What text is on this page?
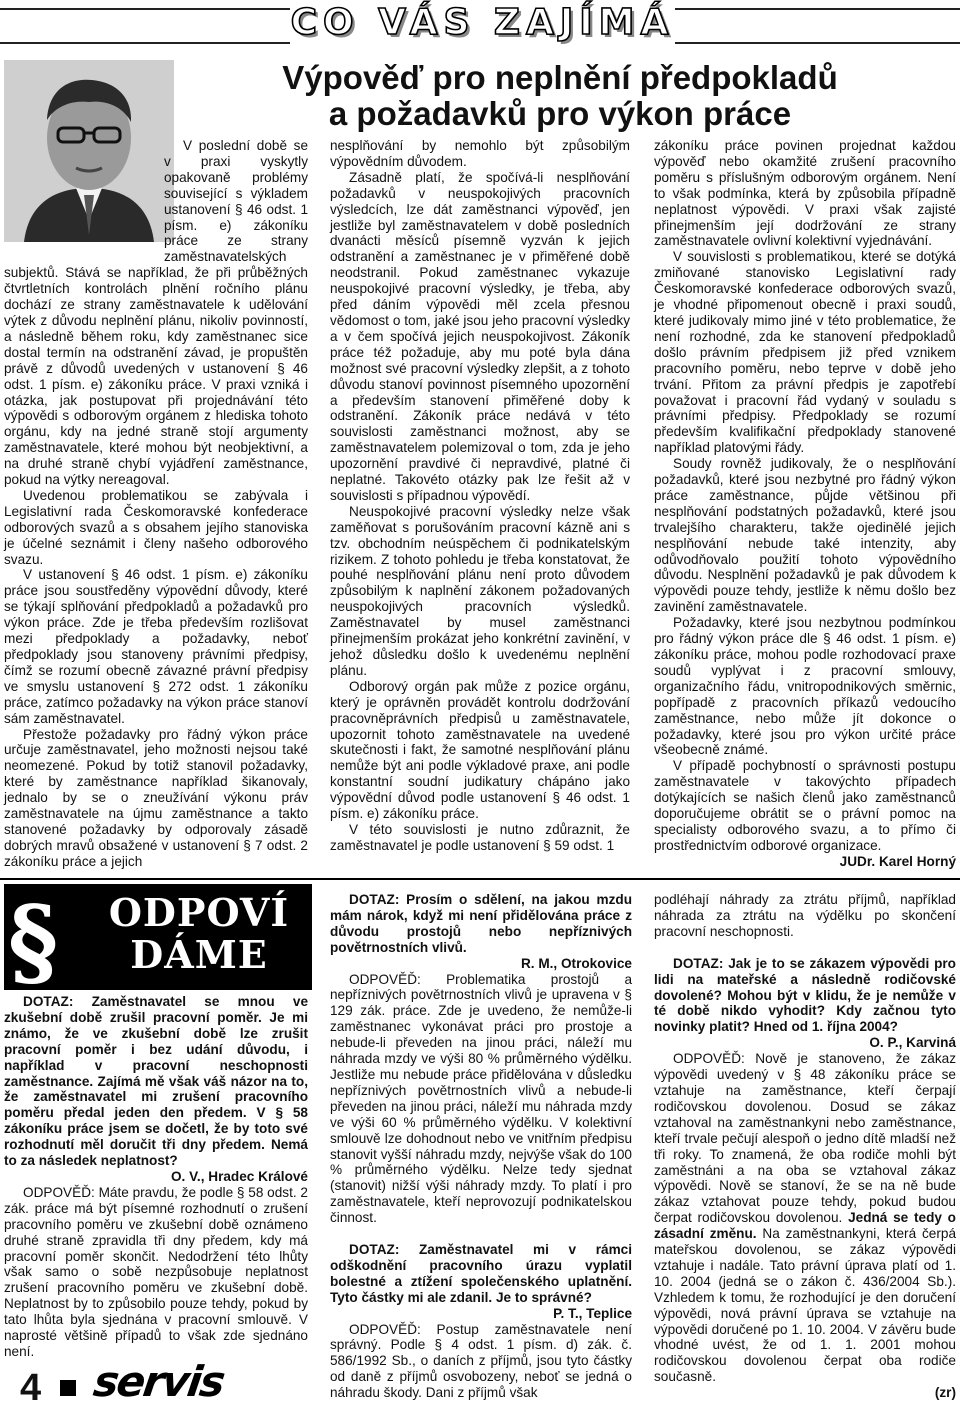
CO VÁS ZAJÍMÁ
Výpověď pro neplnění předpokladů
a požadavků pro výkon práce

V poslední době se v praxi vyskytly opakovaně problémy související s výkladem ustanovení § 46 odst. 1 písm. e) zákoníku práce ze strany zaměstnavatelských subjektů. Stává se například, že při průběžných čtvrtletních kontrolách plnění ročního plánu dochází ze strany zaměstnavatele k udělování výtek z důvodu neplnění plánu, nikoliv povinností, a následně během roku, kdy zaměstnanec sice dostal termín na odstranění závad, je propuštěn právě z důvodů uvedených v ustanovení § 46 odst. 1 písm. e) zákoníku práce. V praxi vzniká i otázka, jak postupovat při projednávání této výpovědi s odborovým orgánem z hlediska tohoto orgánu, kdy na jedné straně stojí argumenty zaměstnavatele, které mohou být neobjektivní, a na druhé straně chybí vyjádření zaměstnance, pokud na výtky nereagoval.

Uvedenou problematikou se zabývala i Legislativní rada Českomoravské konfederace odborových svazů a s obsahem jejího stanoviska je účelné seznámit i členy našeho odborového svazu.

V ustanovení § 46 odst. 1 písm. e) zákoníku práce jsou soustředěny výpovědní důvody, které se týkají splňování předpokladů a požadavků pro výkon práce. Zde je třeba především rozlišovat mezi předpoklady a požadavky, neboť předpoklady jsou stanoveny právními předpisy, čímž se rozumí obecně závazné právní předpisy ve smyslu ustanovení § 272 odst. 1 zákoníku práce, zatímco požadavky na výkon práce stanoví sám zaměstnavatel.

Přestože požadavky pro řádný výkon práce určuje zaměstnavatel, jeho možnosti nejsou také neomezené. Pokud by totiž stanovil požadavky, které by zaměstnance například šikanovaly, jednalo by se o zneužívání výkonu práv zaměstnavatele na újmu zaměstnance a takto stanovené požadavky by odporovaly zásadě dobrých mravů obsažené v ustanovení § 7 odst. 2 zákoníku práce a jejich

nesplňování by nemohlo být způsobilým výpovědním důvodem.

Zásadně platí, že spočívá-li nesplňování požadavků v neuspokojivých pracovních výsledcích, lze dát zaměstnanci výpověď, jen jestliže byl zaměstnavatelem v době posledních dvanácti měsíců písemně vyzván k jejich odstranění a zaměstnanec je v přiměřené době neodstranil. Pokud zaměstnanec vykazuje neuspokojivé pracovní výsledky, je třeba, aby před dáním výpovědi měl zcela přesnou vědomost o tom, jaké jsou jeho pracovní výsledky a v čem spočívá jejich neuspokojivost. Zákoník práce též požaduje, aby mu poté byla dána možnost své pracovní výsledky zlepšit, a z tohoto důvodu stanoví povinnost písemného upozornění a především stanovení přiměřené doby k odstranění. Zákoník práce nedává v této souvislosti zaměstnanci možnost, aby se zaměstnavatelem polemizoval o tom, zda je jeho upozornění pravdivé či nepravdivé, platné či neplatné. Takovéto otázky pak lze řešit až v souvislosti s případnou výpovědí.

Neuspokojivé pracovní výsledky nelze však zaměňovat s porušováním pracovní kázně ani s tzv. obchodním neúspěchem či podnikatelským rizikem. Z tohoto pohledu je třeba konstatovat, že pouhé nesplňování plánu není proto důvodem způsobilým k naplnění zákonem požadovaných neuspokojivých pracovních výsledků. Zaměstnavatel by musel zaměstnanci přinejmenším prokázat jeho konkrétní zavinění, v jehož důsledku došlo k uvedenému neplnění plánu.

Odborový orgán pak může z pozice orgánu, který je oprávněn provádět kontrolu dodržování pracovněprávních předpisů u zaměstnavatele, upozornit tohoto zaměstnavatele na uvedené skutečnosti i fakt, že samotné nesplňování plánu nemůže být ani podle výkladové praxe, ani podle konstantní soudní judikatury chápáno jako výpovědní důvod podle ustanovení § 46 odst. 1 písm. e) zákoníku práce.

V této souvislosti je nutno zdůraznit, že zaměstnavatel je podle ustanovení § 59 odst. 1

zákoníku práce povinen projednat každou výpověď nebo okamžité zrušení pracovního poměru s příslušným odborovým orgánem. Není to však podmínka, která by způsobila případně neplatnost výpovědi. V praxi však zajisté přinejmenším její dodržování ze strany zaměstnavatele ovlivní kolektivní vyjednávání.

V souvislosti s problematikou, které se dotýká zmiňované stanovisko Legislativní rady Českomoravské konfederace odborových svazů, je vhodné připomenout obecně i praxi soudů, které judikovaly mimo jiné v této problematice, že není rozhodné, zda ke stanovení předpokladů došlo právním předpisem již před vznikem pracovního poměru, nebo teprve v době jeho trvání. Přitom za právní předpis je zapotřebí považovat i pracovní řád vydaný v souladu s právními předpisy. Předpoklady se rozumí především kvalifikační předpoklady stanovené například platovými řády.

Soudy rovněž judikovaly, že o nesplňování požadavků, které jsou nezbytné pro řádný výkon práce zaměstnance, půjde většinou při nesplňování podstatných požadavků, které jsou trvalejšího charakteru, takže ojedinělé jejich nesplňování nebude také intenzity, aby odůvodňovalo použití tohoto výpovědního důvodu. Nesplnění požadavků je pak důvodem k výpovědi pouze tehdy, jestliže k němu došlo bez zavinění zaměstnavatele.

Požadavky, které jsou nezbytnou podmínkou pro řádný výkon práce dle § 46 odst. 1 písm. e) zákoníku práce, mohou podle rozhodovací praxe soudů vyplývat i z pracovní smlouvy, organizačního řádu, vnitropodnikových směrnic, popřípadě z pracovních příkazů vedoucího zaměstnance, nebo může jít dokonce o požadavky, které jsou pro výkon určité práce všeobecně známé.

V případě pochybností o správnosti postupu zaměstnavatele v takovýchto případech dotýkajících se našich členů jako zaměstnanců doporučujeme obrátit se o právní pomoc na specialisty odborového svazu, a to přímo či prostřednictvím odborové organizace.

JUDr. Karel Horný

§	ODPOVÍ
DÁME

DOTAZ: Zaměstnavatel se mnou ve zkušební době zrušil pracovní poměr. Je mi známo, že ve zkušební době lze zrušit pracovní poměr i bez udání důvodu, i například v pracovní neschopnosti zaměstnance. Zajímá mě však váš názor na to, že zaměstnavatel mi zrušení pracovního poměru předal jeden den předem. V § 58 zákoníku práce jsem se dočetl, že by toto své rozhodnutí měl doručit tři dny předem. Nemá to za následek neplatnost?

O. V., Hradec Králové

ODPOVĚĎ: Máte pravdu, že podle § 58 odst. 2 zák. práce má být písemné rozhodnutí o zrušení pracovního poměru ve zkušební době oznámeno druhé straně zpravidla tři dny předem, kdy má pracovní poměr skončit. Nedodržení této lhůty však samo o sobě nezpůsobuje neplatnost zrušení pracovního poměru ve zkušební době. Neplatnost by to způsobilo pouze tehdy, pokud by tato lhůta byla sjednána v pracovní smlouvě. V naprosté většině případů to však zde sjednáno není.

DOTAZ: Prosím o sdělení, na jakou mzdu mám nárok, když mi není přidělována práce z důvodu prostojů nebo nepříznivých povětrnostních vlivů.

R. M., Otrokovice

ODPOVĚĎ: Problematika prostojů a nepříznivých povětrnostních vlivů je upravena v § 129 zák. práce. Zde je uvedeno, že nemůže-li zaměstnanec vykonávat práci pro prostoje a nebude-li převeden na jinou práci, náleží mu náhrada mzdy ve výši 80 % průměrného výdělku. Jestliže mu nebude práce přidělována v důsledku nepříznivých povětrnostních vlivů a nebude-li převeden na jinou práci, náleží mu náhrada mzdy ve výši 60 % průměrného výdělku. V kolektivní smlouvě lze dohodnout nebo ve vnitřním předpisu stanovit vyšší náhradu mzdy, nejvýše však do 100 % průměrného výdělku. Nelze tedy sjednat (stanovit) nižší výši náhrady mzdy. To platí i pro zaměstnavatele, kteří neprovozují podnikatelskou činnost.

DOTAZ: Zaměstnavatel mi v rámci odškodnění pracovního úrazu vyplatil bolestné a ztížení společenského uplatnění. Tyto částky mi ale zdanil. Je to správné?

P. T., Teplice

ODPOVĚĎ: Postup zaměstnavatele není správný. Podle § 4 odst. 1 písm. d) zák. č. 586/1992 Sb., o daních z příjmů, jsou tyto částky od daně z příjmů osvobozeny, neboť se jedná o náhradu škody. Dani z příjmů však

podléhají náhrady za ztrátu příjmů, například náhrada za ztrátu na výdělku po skončení pracovní neschopnosti.

DOTAZ: Jak je to se zákazem výpovědi pro lidi na mateřské a následně rodičovské dovolené? Mohou být v klidu, že je nemůže v té době nikdo vyhodit? Kdy začnou tyto novinky platit? Hned od 1. října 2004?

O. P., Karviná

ODPOVĚĎ: Nově je stanoveno, že zákaz výpovědi uvedený v § 48 zákoníku práce se vztahuje na zaměstnance, kteří čerpají rodičovskou dovolenou. Dosud se zákaz vztahoval na zaměstnankyni nebo zaměstnance, kteří trvale pečují alespoň o jedno dítě mladší než tři roky. To znamená, že oba rodiče mohli být zaměstnáni a na oba se vztahoval zákaz výpovědi. Nově se stanoví, že se na ně bude zákaz vztahovat pouze tehdy, pokud budou čerpat rodičovskou dovolenou. Jedná se tedy o zásadní změnu. Na zaměstnankyni, která čerpá mateřskou dovolenou, se zákaz výpovědi vztahuje i nadále. Tato právní úprava platí od 1. 10. 2004 (jedná se o zákon č. 436/2004 Sb.). Vzhledem k tomu, že rozhodující je den doručení výpovědi, nová právní úprava se vztahuje na výpovědi doručené po 1. 10. 2004. V závěru bude vhodné uvést, že od 1. 1. 2001 mohou rodičovskou dovolenou čerpat oba rodiče současně.

(zr)

4 servis
